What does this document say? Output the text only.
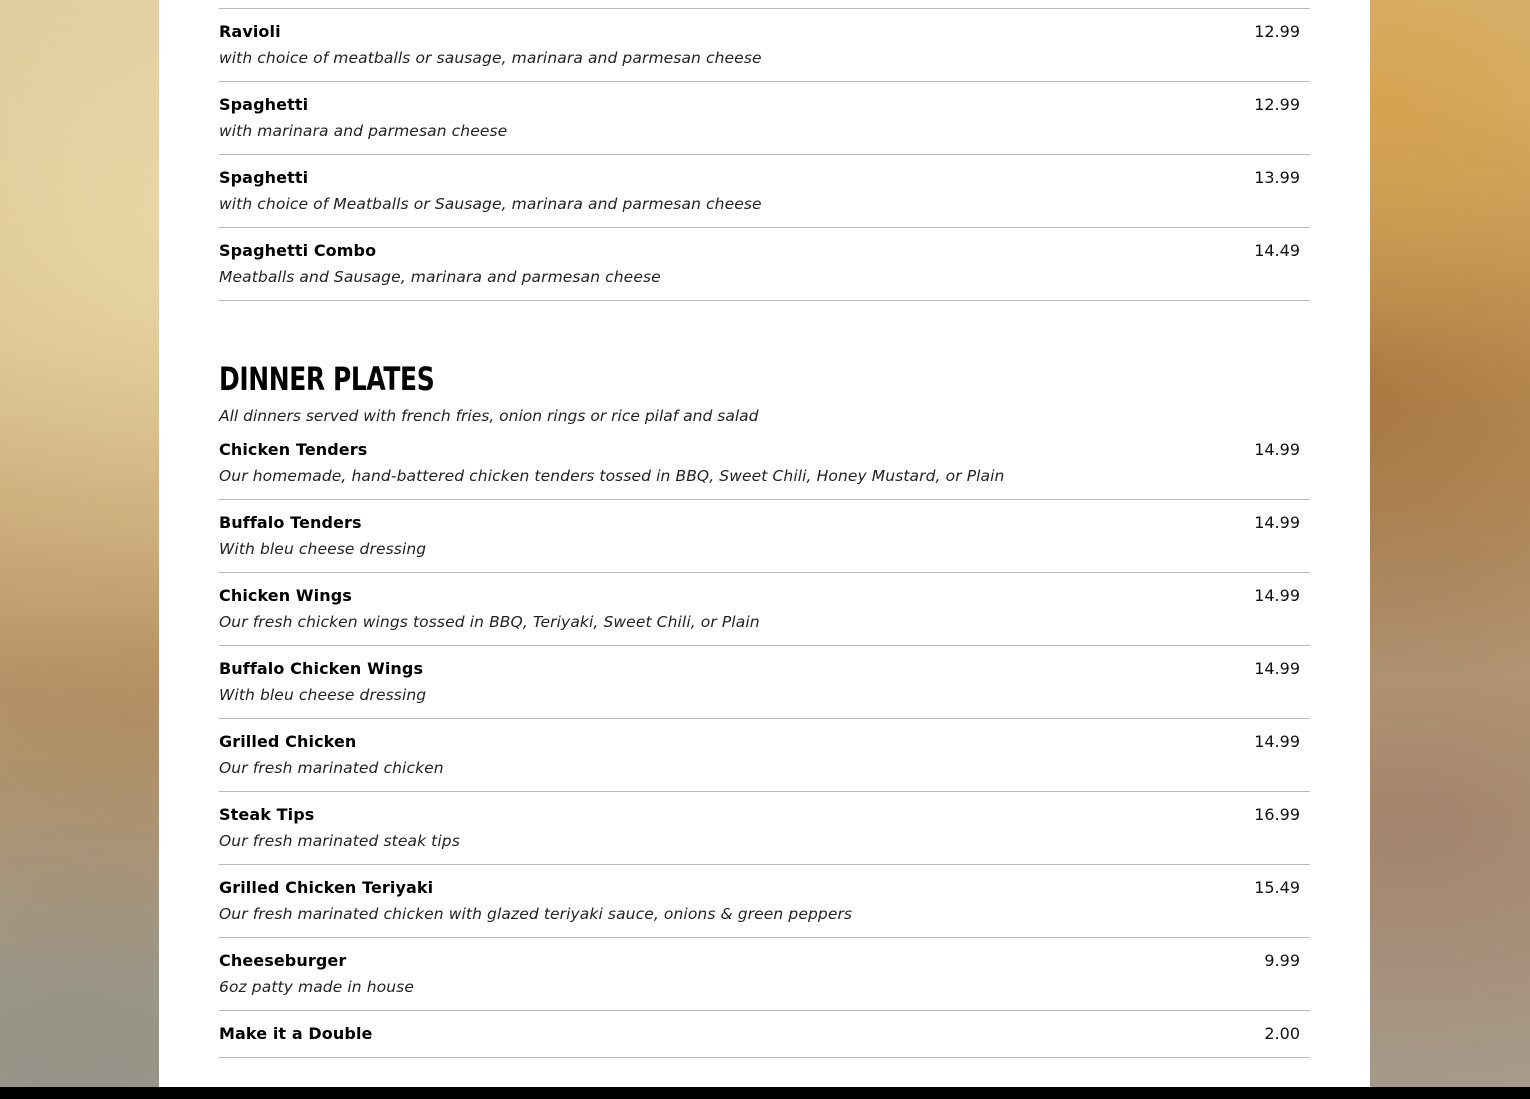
Ravioli	12.99
with choice of meatballs or sausage, marinara and parmesan cheese
Spaghetti	12.99
with marinara and parmesan cheese
Spaghetti	13.99
with choice of Meatballs or Sausage, marinara and parmesan cheese
Spaghetti Combo	14.49
Meatballs and Sausage, marinara and parmesan cheese
DINNER PLATES

All dinners served with french fries, onion rings or rice pilaf and salad

Chicken Tenders	14.99
Our homemade, hand-battered chicken tenders tossed in BBQ, Sweet Chili, Honey Mustard, or Plain
Buffalo Tenders	14.99
With bleu cheese dressing
Chicken Wings	14.99
Our fresh chicken wings tossed in BBQ, Teriyaki, Sweet Chili, or Plain
Buffalo Chicken Wings	14.99
With bleu cheese dressing
Grilled Chicken	14.99
Our fresh marinated chicken
Steak Tips	16.99
Our fresh marinated steak tips
Grilled Chicken Teriyaki	15.49
Our fresh marinated chicken with glazed teriyaki sauce, onions & green peppers
Cheeseburger	9.99
6oz patty made in house
Make it a Double	2.00
